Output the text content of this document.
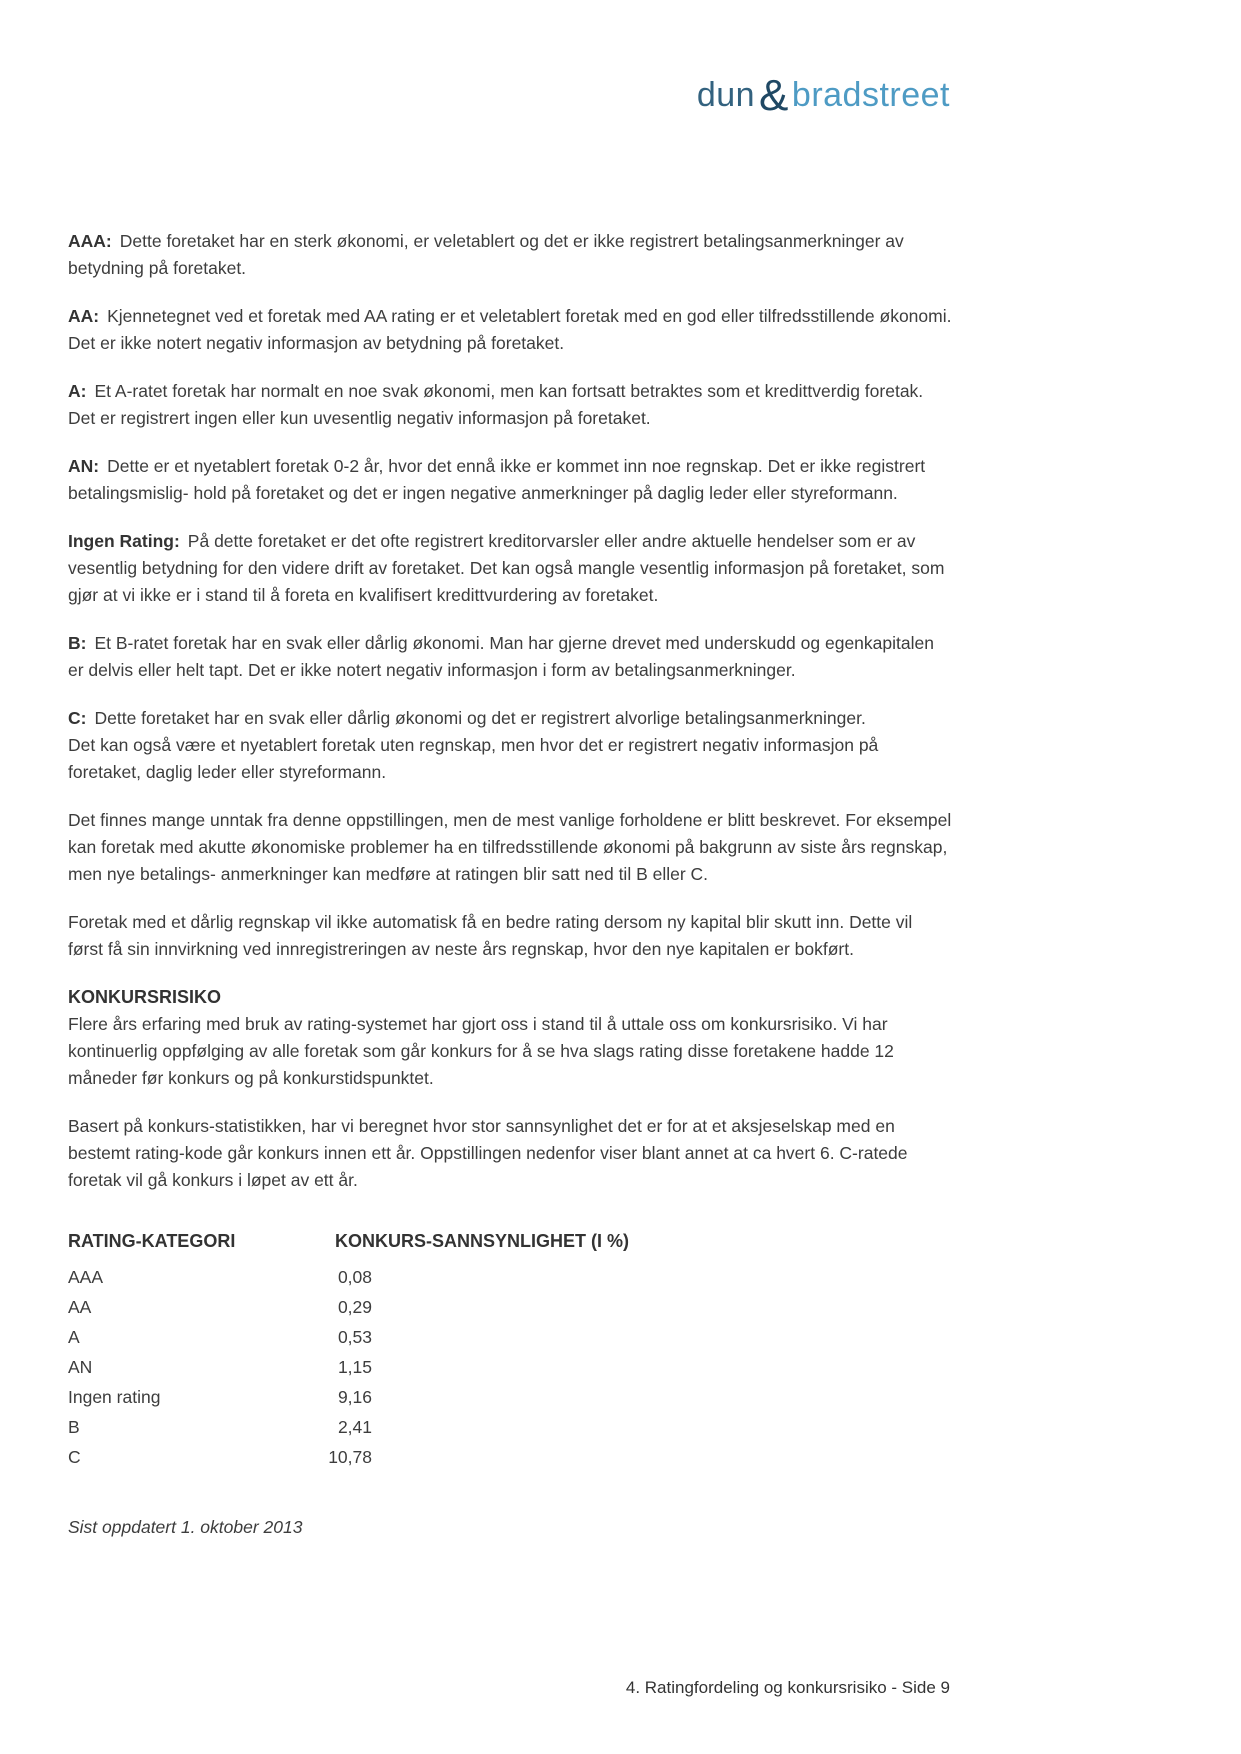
dun&bradstreet

AAA: Dette foretaket har en sterk økonomi, er veletablert og det er ikke registrert betalingsanmerkninger av betydning på foretaket.

AA: Kjennetegnet ved et foretak med AA rating er et veletablert foretak med en god eller tilfredsstillende økonomi. Det er ikke notert negativ informasjon av betydning på foretaket.

A: Et A-ratet foretak har normalt en noe svak økonomi, men kan fortsatt betraktes som et kredittverdig foretak. Det er registrert ingen eller kun uvesentlig negativ informasjon på foretaket.

AN: Dette er et nyetablert foretak 0-2 år, hvor det ennå ikke er kommet inn noe regnskap. Det er ikke registrert betalingsmislig- hold på foretaket og det er ingen negative anmerkninger på daglig leder eller styreformann.

Ingen Rating: På dette foretaket er det ofte registrert kreditorvarsler eller andre aktuelle hendelser som er av vesentlig betydning for den videre drift av foretaket. Det kan også mangle vesentlig informasjon på foretaket, som gjør at vi ikke er i stand til å foreta en kvalifisert kredittvurdering av foretaket.

B: Et B-ratet foretak har en svak eller dårlig økonomi. Man har gjerne drevet med underskudd og egenkapitalen er delvis eller helt tapt. Det er ikke notert negativ informasjon i form av betalingsanmerkninger.

C: Dette foretaket har en svak eller dårlig økonomi og det er registrert alvorlige betalingsanmerkninger.
Det kan også være et nyetablert foretak uten regnskap, men hvor det er registrert negativ informasjon på foretaket, daglig leder eller styreformann.

Det finnes mange unntak fra denne oppstillingen, men de mest vanlige forholdene er blitt beskrevet. For eksempel kan foretak med akutte økonomiske problemer ha en tilfredsstillende økonomi på bakgrunn av siste års regnskap, men nye betalings- anmerkninger kan medføre at ratingen blir satt ned til B eller C.

Foretak med et dårlig regnskap vil ikke automatisk få en bedre rating dersom ny kapital blir skutt inn. Dette vil først få sin innvirkning ved innregistreringen av neste års regnskap, hvor den nye kapitalen er bokført.

KONKURSRISIKO

Flere års erfaring med bruk av rating-systemet har gjort oss i stand til å uttale oss om konkursrisiko. Vi har kontinuerlig oppfølging av alle foretak som går konkurs for å se hva slags rating disse foretakene hadde 12 måneder før konkurs og på konkurstidspunktet.

Basert på konkurs-statistikken, har vi beregnet hvor stor sannsynlighet det er for at et aksjeselskap med en bestemt rating-kode går konkurs innen ett år. Oppstillingen nedenfor viser blant annet at ca hvert 6. C-ratede foretak vil gå konkurs i løpet av ett år.

RATING-KATEGORI	KONKURS-SANNSYNLIGHET (I %)
AAA	0,08
AA	0,29
A	0,53
AN	1,15
Ingen rating	9,16
B	2,41
C	10,78

Sist oppdatert 1. oktober 2013

4. Ratingfordeling og konkursrisiko - Side 9
